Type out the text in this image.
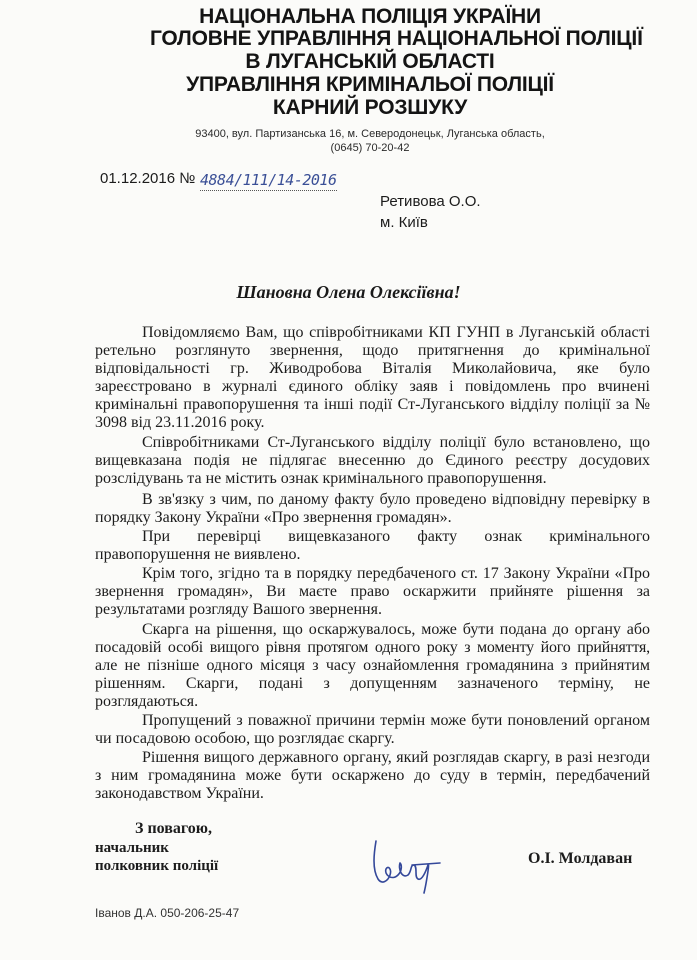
НАЦІОНАЛЬНА ПОЛІЦІЯ УКРАЇНИ
ГОЛОВНЕ УПРАВЛІННЯ НАЦІОНАЛЬНОЇ ПОЛІЦІЇ
В ЛУГАНСЬКІЙ ОБЛАСТІ
УПРАВЛІННЯ КРИМІНАЛЬОЇ ПОЛІЦІЇ
КАРНИЙ РОЗШУКУ
93400, вул. Партизанська 16, м. Северодонецьк, Луганська область,
(0645) 70-20-42
01.12.2016 № 4884/111/14-2016
Ретивова О.О.
м. Київ
Шановна Олена Олексіївна!
Повідомляємо Вам, що співробітниками КП ГУНП в Луганській області
ретельно розглянуто звернення, щодо притягнення до кримінальної
відповідальності гр. Живодробова Віталія Миколайовича, яке було
зареєстровано в журналі єдиного обліку заяв і повідомлень про вчинені
кримінальні правопорушення та інші події Ст-Луганського відділу поліції за №
3098 від 23.11.2016 року.
Співробітниками Ст-Луганського відділу поліції було встановлено, що
вищевказана подія не підлягає внесенню до Єдиного реєстру досудових
розслідувань та не містить ознак кримінального правопорушення.
В зв'язку з чим, по даному факту було проведено відповідну перевірку в
порядку Закону України «Про звернення громадян».
При перевірці вищевказаного факту ознак кримінального
правопорушення не виявлено.
Крім того, згідно та в порядку передбаченого ст. 17 Закону України «Про
звернення громадян», Ви маєте право оскаржити прийняте рішення за
результатами розгляду Вашого звернення.
Скарга на рішення, що оскаржувалось, може бути подана до органу або
посадовій особі вищого рівня протягом одного року з моменту його прийняття,
але не пізніше одного місяця з часу ознайомлення громадянина з прийнятим
рішенням. Скарги, подані з допущенням зазначеного терміну, не
розглядаються.
Пропущений з поважної причини термін може бути поновлений органом
чи посадовою особою, що розглядає скаргу.
Рішення вищого державного органу, який розглядав скаргу, в разі незгоди
з ним громадянина може бути оскаржено до суду в термін, передбачений
законодавством України.
З повагою,
начальник
полковник поліції	О.І. Молдаван
Іванов Д.А. 050-206-25-47
